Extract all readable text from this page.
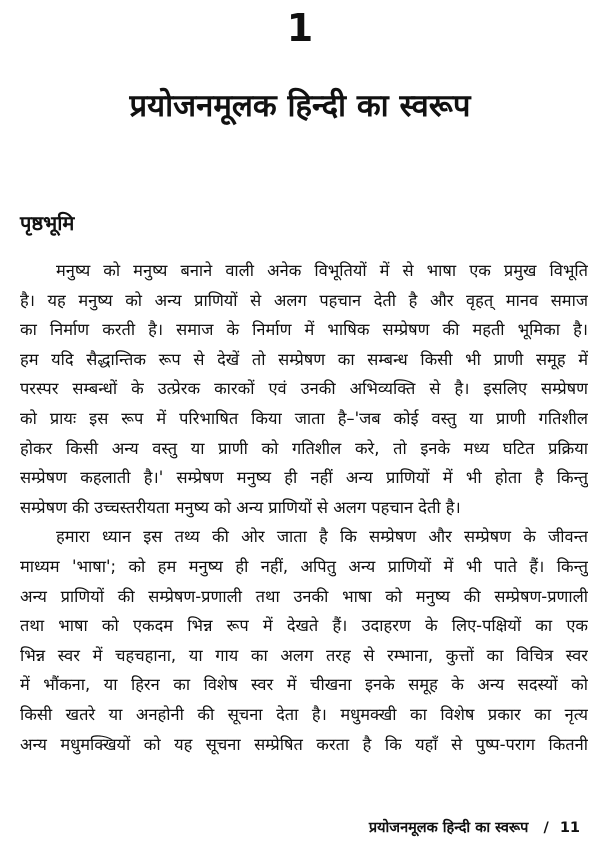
1
प्रयोजनमूलक हिन्दी का स्वरूप
पृष्ठभूमि
मनुष्य को मनुष्य बनाने वाली अनेक विभूतियों में से भाषा एक प्रमुख विभूति
है। यह मनुष्य को अन्य प्राणियों से अलग पहचान देती है और वृहत् मानव समाज
का निर्माण करती है। समाज के निर्माण में भाषिक सम्प्रेषण की महती भूमिका है।
हम यदि सैद्धान्तिक रूप से देखें तो सम्प्रेषण का सम्बन्ध किसी भी प्राणी समूह में
परस्पर सम्बन्धों के उत्प्रेरक कारकों एवं उनकी अभिव्यक्ति से है। इसलिए सम्प्रेषण
को प्रायः इस रूप में परिभाषित किया जाता है–'जब कोई वस्तु या प्राणी गतिशील
होकर किसी अन्य वस्तु या प्राणी को गतिशील करे, तो इनके मध्य घटित प्रक्रिया
सम्प्रेषण कहलाती है।' सम्प्रेषण मनुष्य ही नहीं अन्य प्राणियों में भी होता है किन्तु
सम्प्रेषण की उच्चस्तरीयता मनुष्य को अन्य प्राणियों से अलग पहचान देती है।
हमारा ध्यान इस तथ्य की ओर जाता है कि सम्प्रेषण और सम्प्रेषण के जीवन्त
माध्यम 'भाषा'; को हम मनुष्य ही नहीं, अपितु अन्य प्राणियों में भी पाते हैं। किन्तु
अन्य प्राणियों की सम्प्रेषण-प्रणाली तथा उनकी भाषा को मनुष्य की सम्प्रेषण-प्रणाली
तथा भाषा को एकदम भिन्न रूप में देखते हैं। उदाहरण के लिए-पक्षियों का एक
भिन्न स्वर में चहचहाना, या गाय का अलग तरह से रम्भाना, कुत्तों का विचित्र स्वर
में भौंकना, या हिरन का विशेष स्वर में चीखना इनके समूह के अन्य सदस्यों को
किसी खतरे या अनहोनी की सूचना देता है। मधुमक्खी का विशेष प्रकार का नृत्य
अन्य मधुमक्खियों को यह सूचना सम्प्रेषित करता है कि यहाँ से पुष्प-पराग कितनी
प्रयोजनमूलक हिन्दी का स्वरूप / 11
